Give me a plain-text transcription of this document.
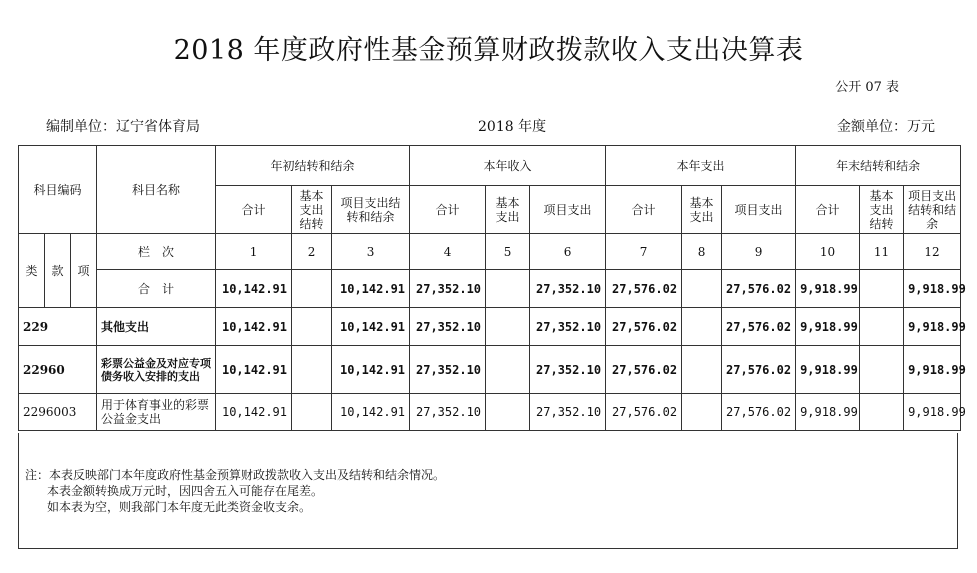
2018 年度政府性基金预算财政拨款收入支出决算表
公开 07 表
编制单位：辽宁省体育局	2018 年度	金额单位：万元
科目编码			科目名称	年初结转和结余			本年收入			本年支出			年末结转和结余		
				合计	基本支出结转	项目支出结转和结余	合计	基本支出	项目支出	合计	基本支出	项目支出	合计	基本支出结转	项目支出结转和结余
类	款	项	栏　次	1	2	3	4	5	6	7	8	9	10	11	12
			合　计	10,142.91		10,142.91	27,352.10		27,352.10	27,576.02		27,576.02	9,918.99		9,918.99
229			其他支出	10,142.91		10,142.91	27,352.10		27,352.10	27,576.02		27,576.02	9,918.99		9,918.99
22960			彩票公益金及对应专项债务收入安排的支出	10,142.91		10,142.91	27,352.10		27,352.10	27,576.02		27,576.02	9,918.99		9,918.99
2296003			用于体育事业的彩票公益金支出	10,142.91		10,142.91	27,352.10		27,352.10	27,576.02		27,576.02	9,918.99		9,918.99
注：本表反映部门本年度政府性基金预算财政拨款收入支出及结转和结余情况。
本表金额转换成万元时，因四舍五入可能存在尾差。
如本表为空，则我部门本年度无此类资金收支余。
